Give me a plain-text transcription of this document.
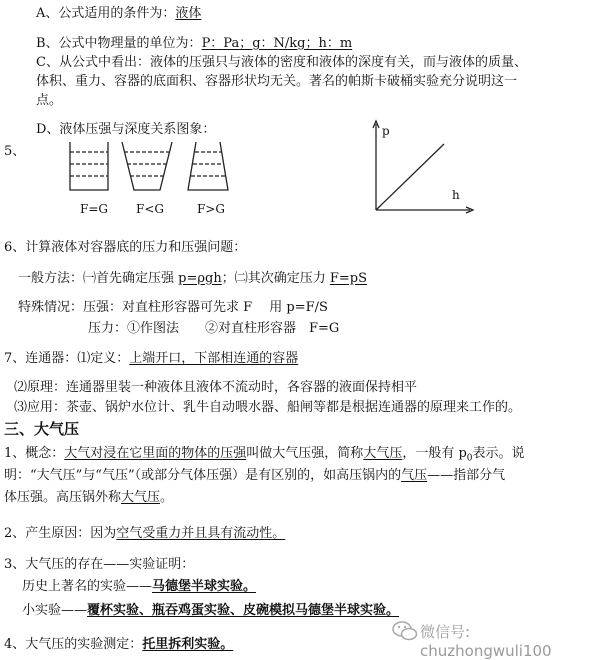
A、公式适用的条件为：液体
B、公式中物理量的单位为：P：Pa；g：N/kg；h：m
C、从公式中看出：液体的压强只与液体的密度和液体的深度有关，而与液体的质量、
体积、重力、容器的底面积、容器形状均无关。著名的帕斯卡破桶实验充分说明这一
点。
D、液体压强与深度关系图象：
5、
F=G F<G	F>G
p
h
6、计算液体对容器底的压力和压强问题：
一般方法：㈠首先确定压强 p=ρgh；㈡其次确定压力 F=pS
特殊情况：压强：对直柱形容器可先求 F　 用 p=F/S
压力：①作图法　　②对直柱形容器　F=G
7、连通器：⑴定义：上端开口，下部相连通的容器
⑵原理：连通器里装一种液体且液体不流动时，各容器的液面保持相平
⑶应用：茶壶、锅炉水位计、乳牛自动喂水器、船闸等都是根据连通器的原理来工作的。
三、大气压
1、概念：大气对浸在它里面的物体的压强叫做大气压强，简称大气压，一般有 $p_0$表示。说
明：“大气压”与“气压”（或部分气体压强）是有区别的，如高压锅内的气压——指部分气
体压强。高压锅外称大气压。
2、产生原因：因为空气受重力并且具有流动性。
3、大气压的存在——实验证明：
历史上著名的实验——马德堡半球实验。
小实验——覆杯实验、瓶吞鸡蛋实验、皮碗模拟马德堡半球实验。
4、大气压的实验测定：托里拆利实验。
微信号: chuzhongwuli100
